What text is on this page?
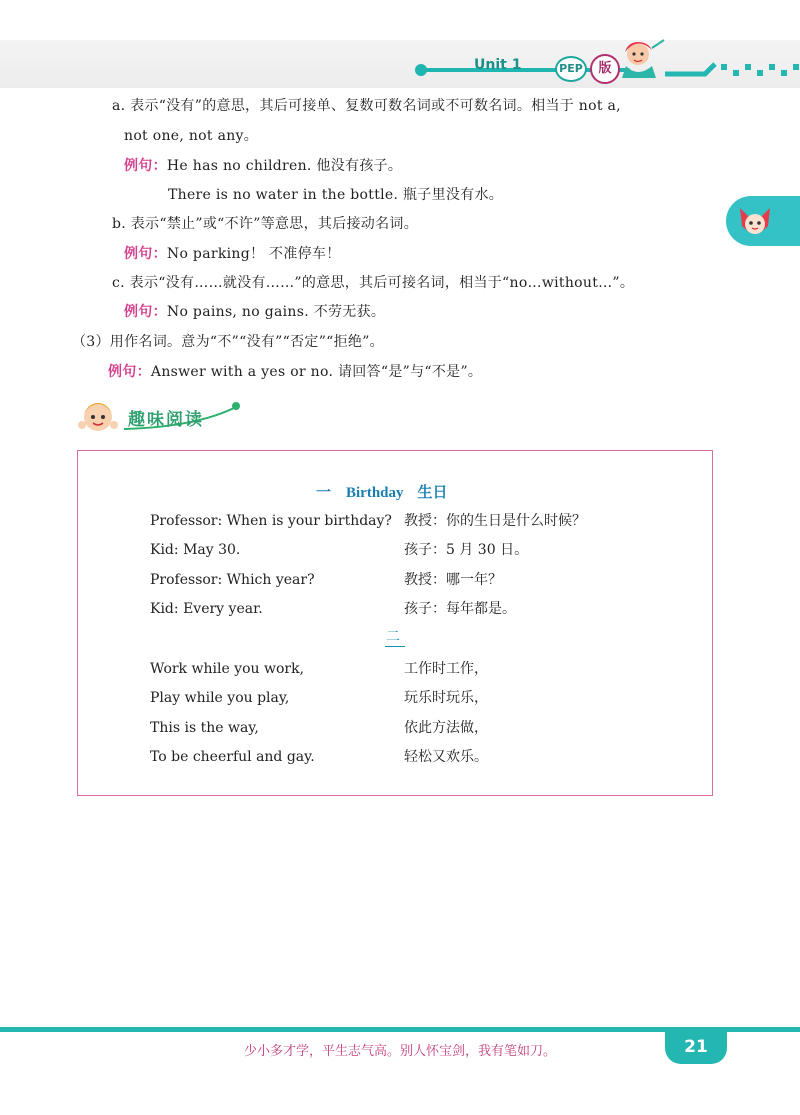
Unit 1	PEP	版
a. 表示“没有”的意思，其后可接单、复数可数名词或不可数名词。相当于 not a,
not one, not any。
例句：He has no children. 他没有孩子。
There is no water in the bottle. 瓶子里没有水。
b. 表示“禁止”或“不许”等意思，其后接动名词。
例句：No parking！ 不准停车！
c. 表示“没有……就没有……”的意思，其后可接名词，相当于“no…without…”。
例句：No pains, no gains. 不劳无获。
（3）用作名词。意为“不”“没有”“否定”“拒绝”。
例句：Answer with a yes or no. 请回答“是”与“不是”。
趣味阅读
一　Birthday 生日
Professor: When is your birthday? 教授：你的生日是什么时候？
Kid: May 30.	孩子：5 月 30 日。
Professor: Which year?	教授：哪一年？
Kid: Every year.	孩子：每年都是。
二
Work while you work,	工作时工作，
Play while you play,	玩乐时玩乐，
This is the way,	依此方法做，
To be cheerful and gay.	轻松又欢乐。
少小多才学，平生志气高。别人怀宝剑，我有笔如刀。	21
